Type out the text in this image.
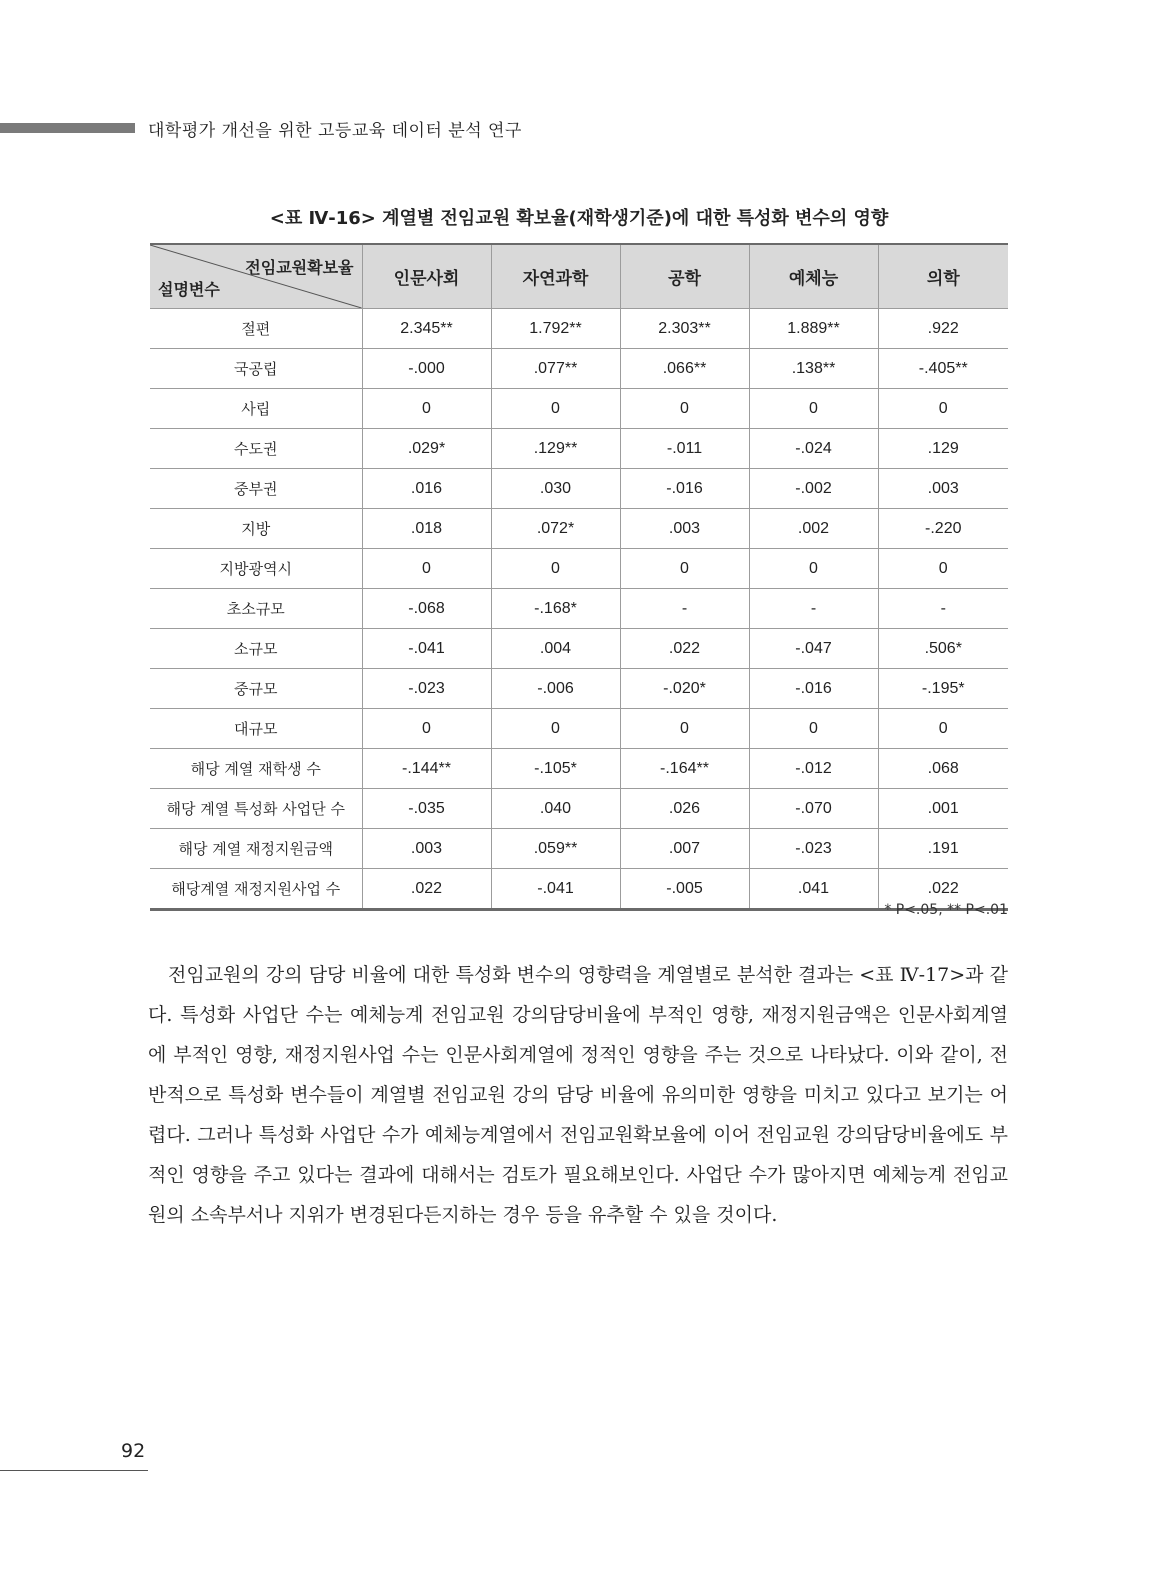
대학평가 개선을 위한 고등교육 데이터 분석 연구
<표 Ⅳ-16> 계열별 전임교원 확보율(재학생기준)에 대한 특성화 변수의 영향
전임교원확보율
설명변수	인문사회	자연과학	공학	예체능	의학
절편	2.345**	1.792**	2.303**	1.889**	.922
국공립	-.000	.077**	.066**	.138**	-.405**
사립	0	0	0	0	0
수도권	.029*	.129**	-.011	-.024	.129
중부권	.016	.030	-.016	-.002	.003
지방	.018	.072*	.003	.002	-.220
지방광역시	0	0	0	0	0
초소규모	-.068	-.168*	-	-	-
소규모	-.041	.004	.022	-.047	.506*
중규모	-.023	-.006	-.020*	-.016	-.195*
대규모	0	0	0	0	0
해당 계열 재학생 수	-.144**	-.105*	-.164**	-.012	.068
해당 계열 특성화 사업단 수	-.035	.040	.026	-.070	.001
해당 계열 재정지원금액	.003	.059**	.007	-.023	.191
해당계열 재정지원사업 수	.022	-.041	-.005	.041	.022
* P<.05, ** P<.01

전임교원의 강의 담당 비율에 대한 특성화 변수의 영향력을 계열별로 분석한 결과는 <표 Ⅳ-17>과 같다. 특성화 사업단 수는 예체능계 전임교원 강의담당비율에 부적인 영향, 재정지원금액은 인문사회계열에 부적인 영향, 재정지원사업 수는 인문사회계열에 정적인 영향을 주는 것으로 나타났다. 이와 같이, 전반적으로 특성화 변수들이 계열별 전임교원 강의 담당 비율에 유의미한 영향을 미치고 있다고 보기는 어렵다. 그러나 특성화 사업단 수가 예체능계열에서 전임교원확보율에 이어 전임교원 강의담당비율에도 부적인 영향을 주고 있다는 결과에 대해서는 검토가 필요해보인다. 사업단 수가 많아지면 예체능계 전임교원의 소속부서나 지위가 변경된다든지하는 경우 등을 유추할 수 있을 것이다.

92
